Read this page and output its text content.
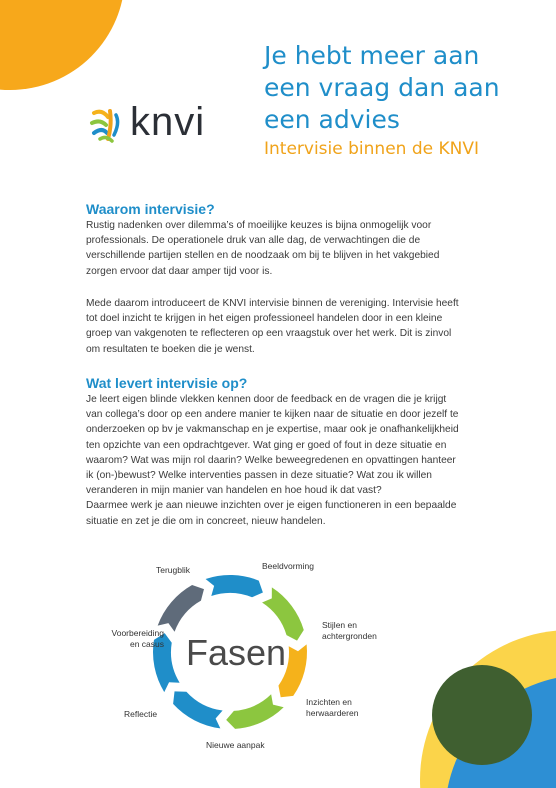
knvi
Je hebt meer aan
een vraag dan aan
een advies
Intervisie binnen de KNVI
Waarom intervisie?

Rustig nadenken over dilemma’s of moeilijke keuzes is bijna onmogelijk voor
professionals. De operationele druk van alle dag, de verwachtingen die de
verschillende partijen stellen en de noodzaak om bij te blijven in het vakgebied
zorgen ervoor dat daar amper tijd voor is.

Mede daarom introduceert de KNVI intervisie binnen de vereniging. Intervisie heeft
tot doel inzicht te krijgen in het eigen professioneel handelen door in een kleine
groep van vakgenoten te reflecteren op een vraagstuk over het werk. Dit is zinvol
om resultaten te boeken die je wenst.

Wat levert intervisie op?

Je leert eigen blinde vlekken kennen door de feedback en de vragen die je krijgt
van collega’s door op een andere manier te kijken naar de situatie en door jezelf te
onderzoeken op bv je vakmanschap en je expertise, maar ook je onafhankelijkheid
ten opzichte van een opdrachtgever. Wat ging er goed of fout in deze situatie en
waarom? Wat was mijn rol daarin? Welke beweegredenen en opvattingen hanteer
ik (on-)bewust? Welke interventies passen in deze situatie? Wat zou ik willen
veranderen in mijn manier van handelen en hoe houd ik dat vast?
Daarmee werk je aan nieuwe inzichten over je eigen functioneren in een bepaalde
situatie en zet je die om in concreet, nieuw handelen.

Fasen
Beeldvorming
Stijlen en
achtergronden
Inzichten en
herwaarderen
Nieuwe aanpak
Reflectie
Voorbereiding
en casus
Terugblik
